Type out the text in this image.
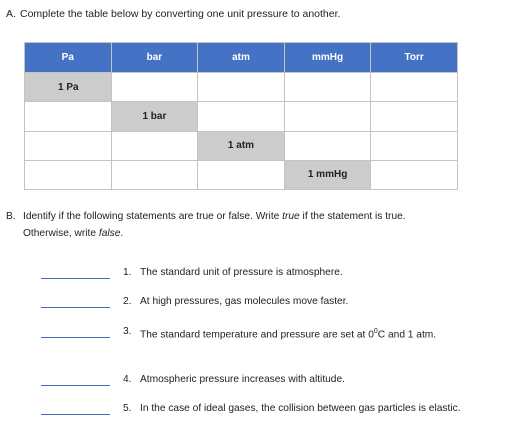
A. Complete the table below by converting one unit pressure to another.
Pa	bar	atm	mmHg	Torr
1 Pa				
	1 bar			
		1 atm		
			1 mmHg	
B. Identify if the following statements are true or false. Write true if the statement is true.
Otherwise, write false.
1. The standard unit of pressure is atmosphere.
2. At high pressures, gas molecules move faster.
3. The standard temperature and pressure are set at $0^0C$ and 1 atm.
4. Atmospheric pressure increases with altitude.
5. In the case of ideal gases, the collision between gas particles is elastic.
